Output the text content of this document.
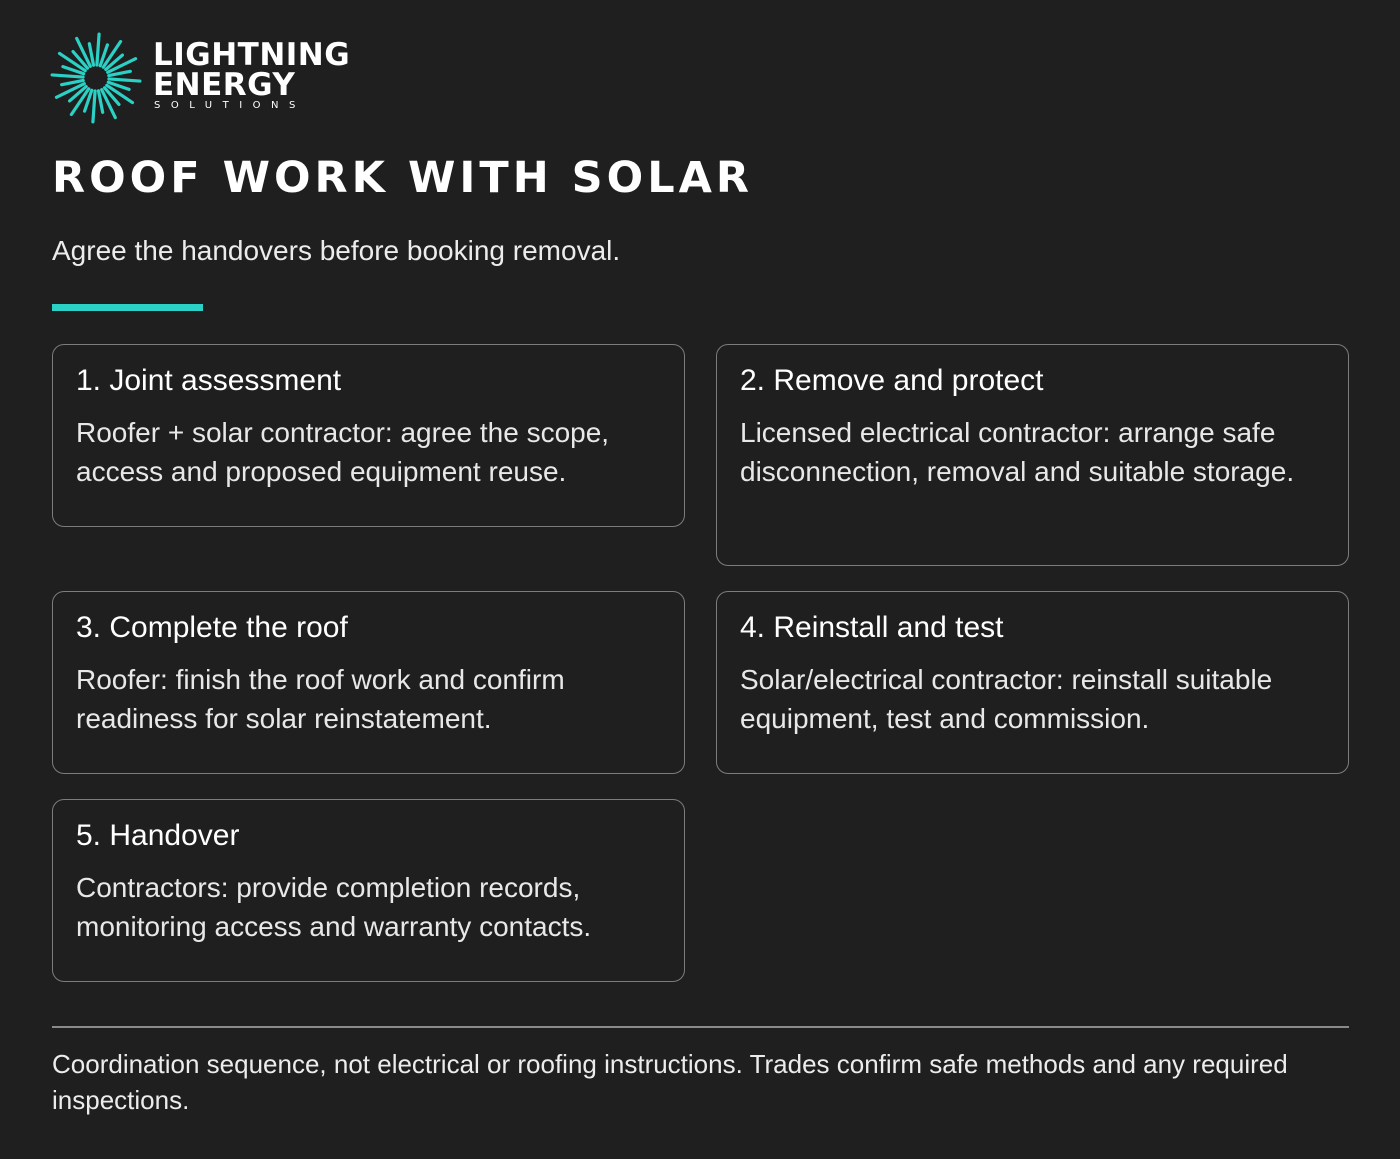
LIGHTNING
ENERGY
SOLUTIONS
ROOF WORK WITH SOLAR

Agree the handovers before booking removal.

1. Joint assessment

Roofer + solar contractor: agree the scope, access and proposed equipment reuse.

2. Remove and protect

Licensed electrical contractor: arrange safe disconnection, removal and suitable storage.

3. Complete the roof

Roofer: finish the roof work and confirm readiness for solar reinstatement.

4. Reinstall and test

Solar/electrical contractor: reinstall suitable equipment, test and commission.

5. Handover

Contractors: provide completion records, monitoring access and warranty contacts.

Coordination sequence, not electrical or roofing instructions. Trades confirm safe methods and any required inspections.
